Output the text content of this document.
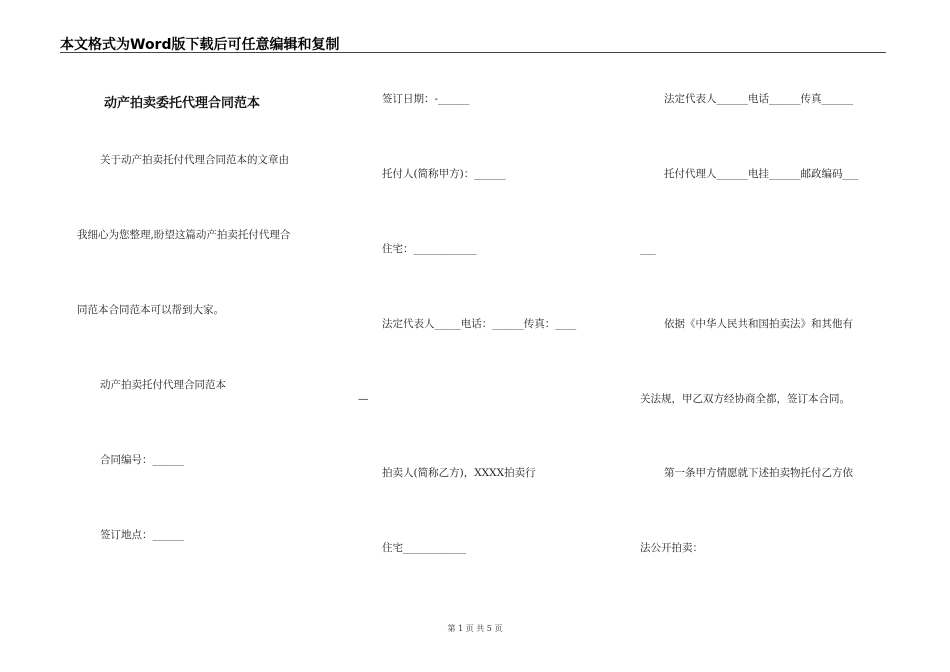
本文格式为Word版下载后可任意编辑和复制
动产拍卖委托代理合同范本
关于动产拍卖托付代理合同范本的文章由
我细心为您整理,盼望这篇动产拍卖托付代理合
同范本合同范本可以帮到大家。
动产拍卖托付代理合同范本
合同编号：______
签订地点：______
签订日期：-______
托付人(简称甲方)：______
住宅：____________
法定代表人_____电话：______传真：____
—
拍卖人(简称乙方)，XXXX拍卖行
住宅____________
法定代表人______电话______传真______
托付代理人______电挂______邮政编码___
___
依据《中华人民共和国拍卖法》和其他有
关法规，甲乙双方经协商全都，签订本合同。
第一条甲方情愿就下述拍卖物托付乙方依
法公开拍卖：
第 1 页 共 5 页
